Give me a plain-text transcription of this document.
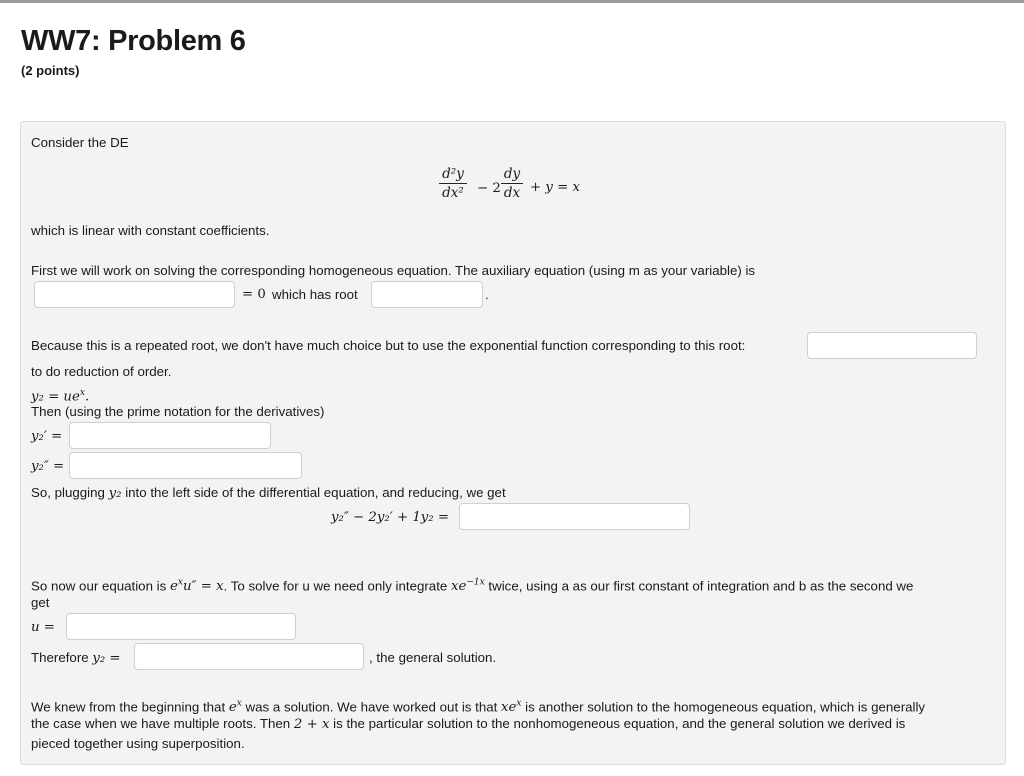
WW7: Problem 6
(2 points)
Consider the DE
d²y
dx² − 2
dy
dx + y = x
which is linear with constant coefficients.
First we will work on solving the corresponding homogeneous equation. The auxiliary equation (using m as your variable) is
= 0 which has root	.
Because this is a repeated root, we don't have much choice but to use the exponential function corresponding to this root:
to do reduction of order.
$y_2 = ue^x$.
Then (using the prime notation for the derivatives)
y₂′ =
y₂″ =
So, plugging y₂ into the left side of the differential equation, and reducing, we get
y₂″ − 2y₂′ + 1y₂ =
So now our equation is $e^xu'' = x$. To solve for u we need only integrate $xe^{-1x}$ twice, using a as our first constant of integration and b as the second we
get
u =
Therefore y₂ =	, the general solution.
We knew from the beginning that $e^x$ was a solution. We have worked out is that $xe^x$ is another solution to the homogeneous equation, which is generally
the case when we have multiple roots. Then 2 + x is the particular solution to the nonhomogeneous equation, and the general solution we derived is
pieced together using superposition.
